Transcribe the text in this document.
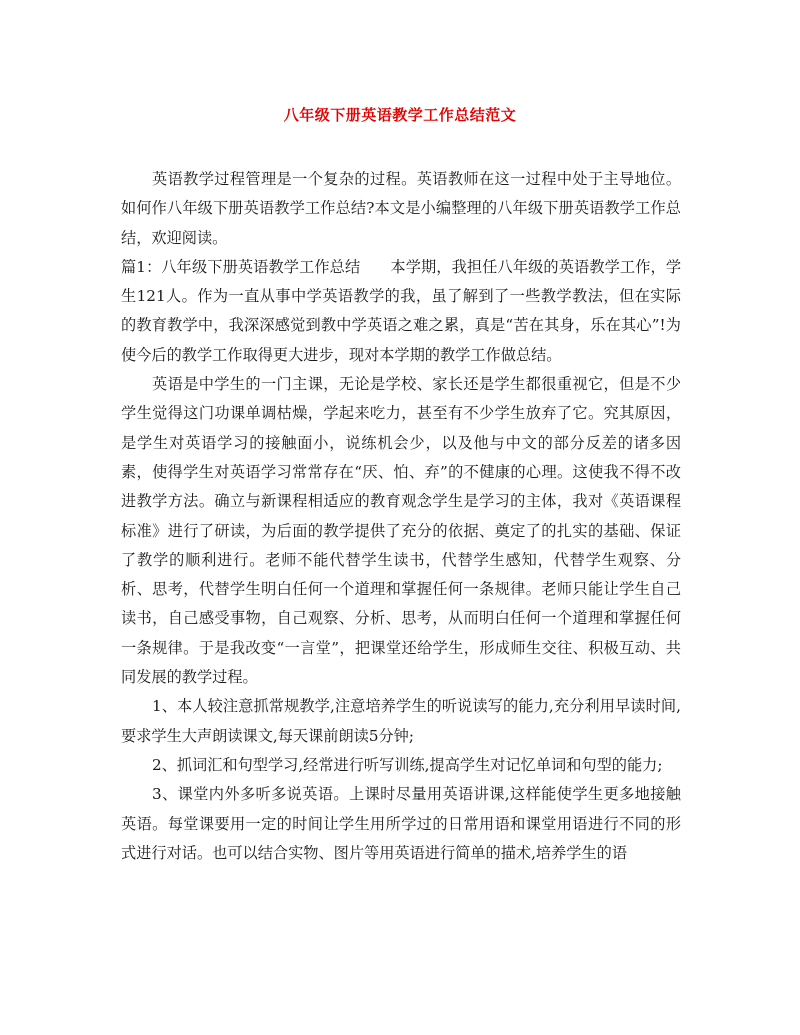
八年级下册英语教学工作总结范文

英语教学过程管理是一个复杂的过程。英语教师在这一过程中处于主导地位。如何作八年级下册英语教学工作总结?本文是小编整理的八年级下册英语教学工作总结，欢迎阅读。

篇1：八年级下册英语教学工作总结 本学期，我担任八年级的英语教学工作，学生121人。作为一直从事中学英语教学的我，虽了解到了一些教学教法，但在实际的教育教学中，我深深感觉到教中学英语之难之累，真是“苦在其身，乐在其心”!为使今后的教学工作取得更大进步，现对本学期的教学工作做总结。

英语是中学生的一门主课，无论是学校、家长还是学生都很重视它，但是不少学生觉得这门功课单调枯燥，学起来吃力，甚至有不少学生放弃了它。究其原因，是学生对英语学习的接触面小，说练机会少，以及他与中文的部分反差的诸多因素，使得学生对英语学习常常存在“厌、怕、弃”的不健康的心理。这使我不得不改进教学方法。确立与新课程相适应的教育观念学生是学习的主体，我对《英语课程标准》进行了研读，为后面的教学提供了充分的依据、奠定了的扎实的基础、保证了教学的顺利进行。老师不能代替学生读书，代替学生感知，代替学生观察、分析、思考，代替学生明白任何一个道理和掌握任何一条规律。老师只能让学生自己读书，自己感受事物，自己观察、分析、思考，从而明白任何一个道理和掌握任何一条规律。于是我改变“一言堂”，把课堂还给学生，形成师生交往、积极互动、共同发展的教学过程。

1、本人较注意抓常规教学,注意培养学生的听说读写的能力,充分利用早读时间,要求学生大声朗读课文,每天课前朗读5分钟;

2、抓词汇和句型学习,经常进行听写训练,提高学生对记忆单词和句型的能力;

3、课堂内外多听多说英语。上课时尽量用英语讲课,这样能使学生更多地接触英语。每堂课要用一定的时间让学生用所学过的日常用语和课堂用语进行不同的形式进行对话。也可以结合实物、图片等用英语进行简单的描术,培养学生的语
